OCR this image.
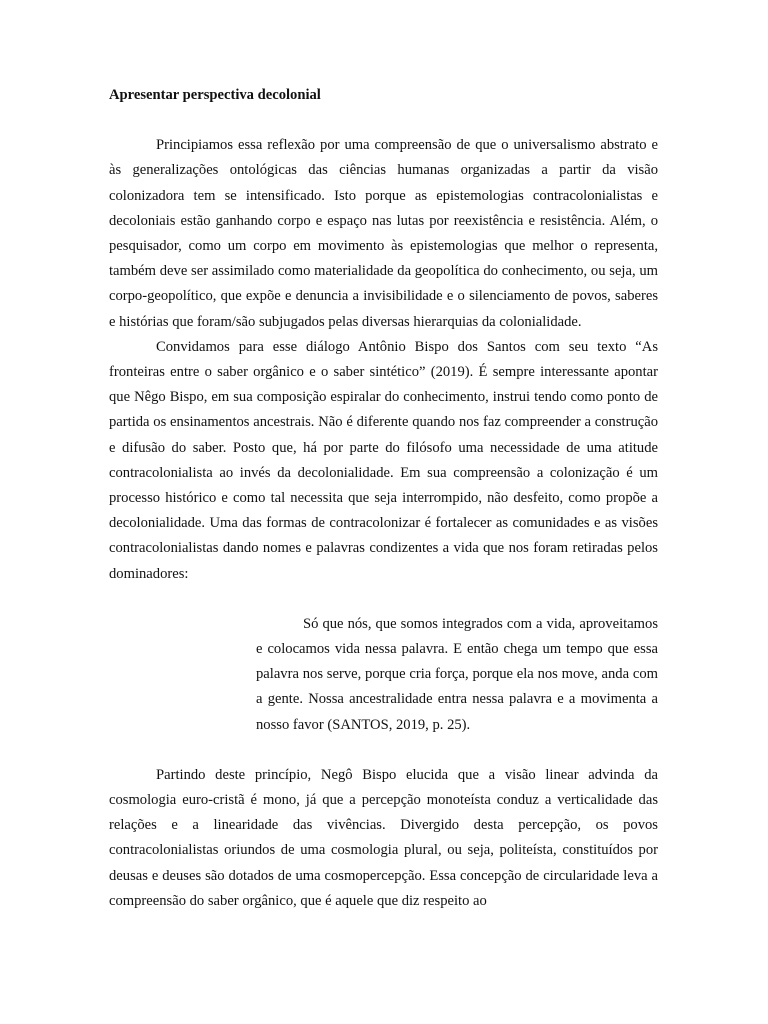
Apresentar perspectiva decolonial

Principiamos essa reflexão por uma compreensão de que o universalismo abstrato e às generalizações ontológicas das ciências humanas organizadas a partir da visão colonizadora tem se intensificado. Isto porque as epistemologias contracolonialistas e decoloniais estão ganhando corpo e espaço nas lutas por reexistência e resistência. Além, o pesquisador, como um corpo em movimento às epistemologias que melhor o representa, também deve ser assimilado como materialidade da geopolítica do conhecimento, ou seja, um corpo-geopolítico, que expõe e denuncia a invisibilidade e o silenciamento de povos, saberes e histórias que foram/são subjugados pelas diversas hierarquias da colonialidade.

Convidamos para esse diálogo Antônio Bispo dos Santos com seu texto “As fronteiras entre o saber orgânico e o saber sintético” (2019). É sempre interessante apontar que Nêgo Bispo, em sua composição espiralar do conhecimento, instrui tendo como ponto de partida os ensinamentos ancestrais. Não é diferente quando nos faz compreender a construção e difusão do saber. Posto que, há por parte do filósofo uma necessidade de uma atitude contracolonialista ao invés da decolonialidade. Em sua compreensão a colonização é um processo histórico e como tal necessita que seja interrompido, não desfeito, como propõe a decolonialidade. Uma das formas de contracolonizar é fortalecer as comunidades e as visões contracolonialistas dando nomes e palavras condizentes a vida que nos foram retiradas pelos dominadores:

Só que nós, que somos integrados com a vida, aproveitamos e colocamos vida nessa palavra. E então chega um tempo que essa palavra nos serve, porque cria força, porque ela nos move, anda com a gente. Nossa ancestralidade entra nessa palavra e a movimenta a nosso favor (SANTOS, 2019, p. 25).

Partindo deste princípio, Negô Bispo elucida que a visão linear advinda da cosmologia euro-cristã é mono, já que a percepção monoteísta conduz a verticalidade das relações e a linearidade das vivências. Divergido desta percepção, os povos contracolonialistas oriundos de uma cosmologia plural, ou seja, politeísta, constituídos por deusas e deuses são dotados de uma cosmopercepção. Essa concepção de circularidade leva a compreensão do saber orgânico, que é aquele que diz respeito ao
